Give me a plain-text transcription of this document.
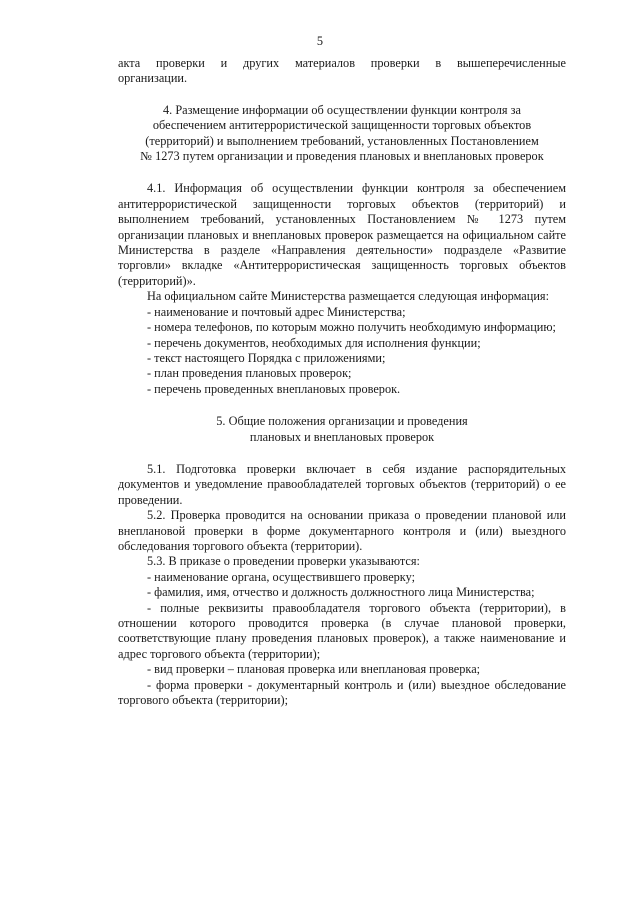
5

акта проверки и других материалов проверки в вышеперечисленные

организации.

4. Размещение информации об осуществлении функции контроля за

обеспечением антитеррористической защищенности торговых объектов

(территорий) и выполнением требований, установленных Постановлением

№ 1273 путем организации и проведения плановых и внеплановых проверок

4.1. Информация об осуществлении функции контроля за обеспечением антитеррористической защищенности торговых объектов (территорий) и выполнением требований, установленных Постановлением № 1273 путем организации плановых и внеплановых проверок размещается на официальном сайте Министерства в разделе «Направления деятельности» подразделе «Развитие торговли» вкладке «Антитеррористическая защищенность торговых объектов (территорий)».

На официальном сайте Министерства размещается следующая информация:

- наименование и почтовый адрес Министерства;

- номера телефонов, по которым можно получить необходимую информацию;

- перечень документов, необходимых для исполнения функции;

- текст настоящего Порядка с приложениями;

- план проведения плановых проверок;

- перечень проведенных внеплановых проверок.

5. Общие положения организации и проведения

плановых и внеплановых проверок

5.1. Подготовка проверки включает в себя издание распорядительных документов и уведомление правообладателей торговых объектов (территорий) о ее проведении.

5.2. Проверка проводится на основании приказа о проведении плановой или внеплановой проверки в форме документарного контроля и (или) выездного обследования торгового объекта (территории).

5.3. В приказе о проведении проверки указываются:

- наименование органа, осуществившего проверку;

- фамилия, имя, отчество и должность должностного лица Министерства;

- полные реквизиты правообладателя торгового объекта (территории), в отношении которого проводится проверка (в случае плановой проверки, соответствующие плану проведения плановых проверок), а также наименование и адрес торгового объекта (территории);

- вид проверки – плановая проверка или внеплановая проверка;

- форма проверки - документарный контроль и (или) выездное обследование торгового объекта (территории);
